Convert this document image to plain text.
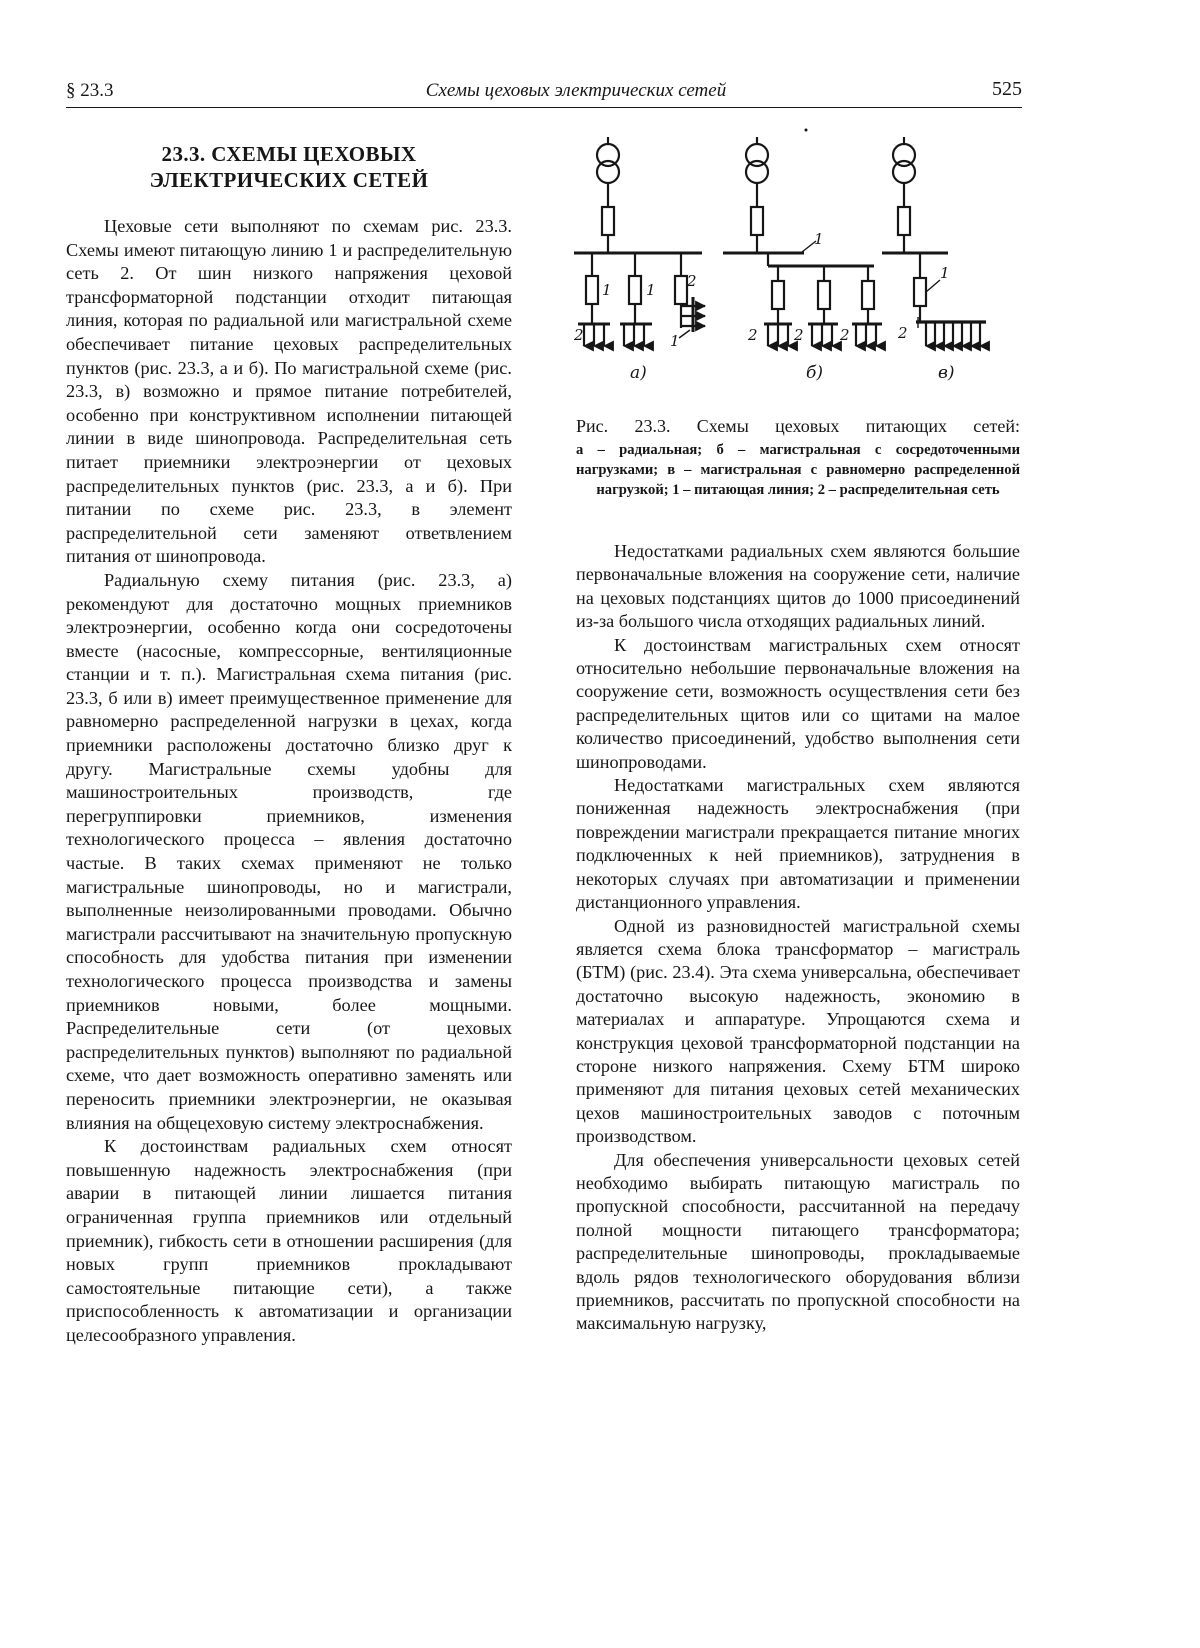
§ 23.3	Схемы цеховых электрических сетей	525
23.3. СХЕМЫ ЦЕХОВЫХ
ЭЛЕКТРИЧЕСКИХ СЕТЕЙ

Цеховые сети выполняют по схемам рис. 23.3. Схемы имеют питающую линию 1 и распределительную сеть 2. От шин низкого напряжения цеховой трансформаторной подстанции отходит питающая линия, которая по радиальной или магистральной схеме обеспечивает питание цеховых распределительных пунктов (рис. 23.3, а и б). По магистральной схеме (рис. 23.3, в) возможно и прямое питание потребителей, особенно при конструктивном исполнении питающей линии в виде шинопровода. Распределительная сеть питает приемники электроэнергии от цеховых распределительных пунктов (рис. 23.3, а и б). При питании по схеме рис. 23.3, в элемент распределительной сети заменяют ответвлением питания от шинопровода.

Радиальную схему питания (рис. 23.3, а) рекомендуют для достаточно мощных приемников электроэнергии, особенно когда они сосредоточены вместе (насосные, компрессорные, вентиляционные станции и т. п.). Магистральная схема питания (рис. 23.3, б или в) имеет преимущественное применение для равномерно распределенной нагрузки в цехах, когда приемники расположены достаточно близко друг к другу. Магистральные схемы удобны для машиностроительных производств, где перегруппировки приемников, изменения технологического процесса – явления достаточно частые. В таких схемах применяют не только магистральные шинопроводы, но и магистрали, выполненные неизолированными проводами. Обычно магистрали рассчитывают на значительную пропускную способность для удобства питания при изменении технологического процесса производства и замены приемников новыми, более мощными. Распределительные сети (от цеховых распределительных пунктов) выполняют по радиальной схеме, что дает возможность оперативно заменять или переносить приемники электроэнергии, не оказывая влияния на общецеховую систему электроснабжения.

К достоинствам радиальных схем относят повышенную надежность электроснабжения (при аварии в питающей линии лишается питания ограниченная группа приемников или отдельный приемник), гибкость сети в отношении расширения (для новых групп приемников прокладывают самостоятельные питающие сети), а также приспособленность к автоматизации и организации целесообразного управления.

1 1 2
1
2
1
2 2 2
1
2
а)	б)	в)
Рис. 23.3. Схемы цеховых питающих сетей:
а – радиальная; б – магистральная с сосредоточенными нагрузками; в – магистральная с равномерно распределенной нагрузкой; 1 – питающая линия; 2 – распределительная сеть

Недостатками радиальных схем являются большие первоначальные вложения на сооружение сети, наличие на цеховых подстанциях щитов до 1000 присоединений из-за большого числа отходящих радиальных линий.

К достоинствам магистральных схем относят относительно небольшие первоначальные вложения на сооружение сети, возможность осуществления сети без распределительных щитов или со щитами на малое количество присоединений, удобство выполнения сети шинопроводами.

Недостатками магистральных схем являются пониженная надежность электроснабжения (при повреждении магистрали прекращается питание многих подключенных к ней приемников), затруднения в некоторых случаях при автоматизации и применении дистанционного управления.

Одной из разновидностей магистральной схемы является схема блока трансформатор – магистраль (БТМ) (рис. 23.4). Эта схема универсальна, обеспечивает достаточно высокую надежность, экономию в материалах и аппаратуре. Упрощаются схема и конструкция цеховой трансформаторной подстанции на стороне низкого напряжения. Схему БТМ широко применяют для питания цеховых сетей механических цехов машиностроительных заводов с поточным производством.

Для обеспечения универсальности цеховых сетей необходимо выбирать питающую магистраль по пропускной способности, рассчитанной на передачу полной мощности питающего трансформатора; распределительные шинопроводы, прокладываемые вдоль рядов технологического оборудования вблизи приемников, рассчитать по пропускной способности на максимальную нагрузку,
